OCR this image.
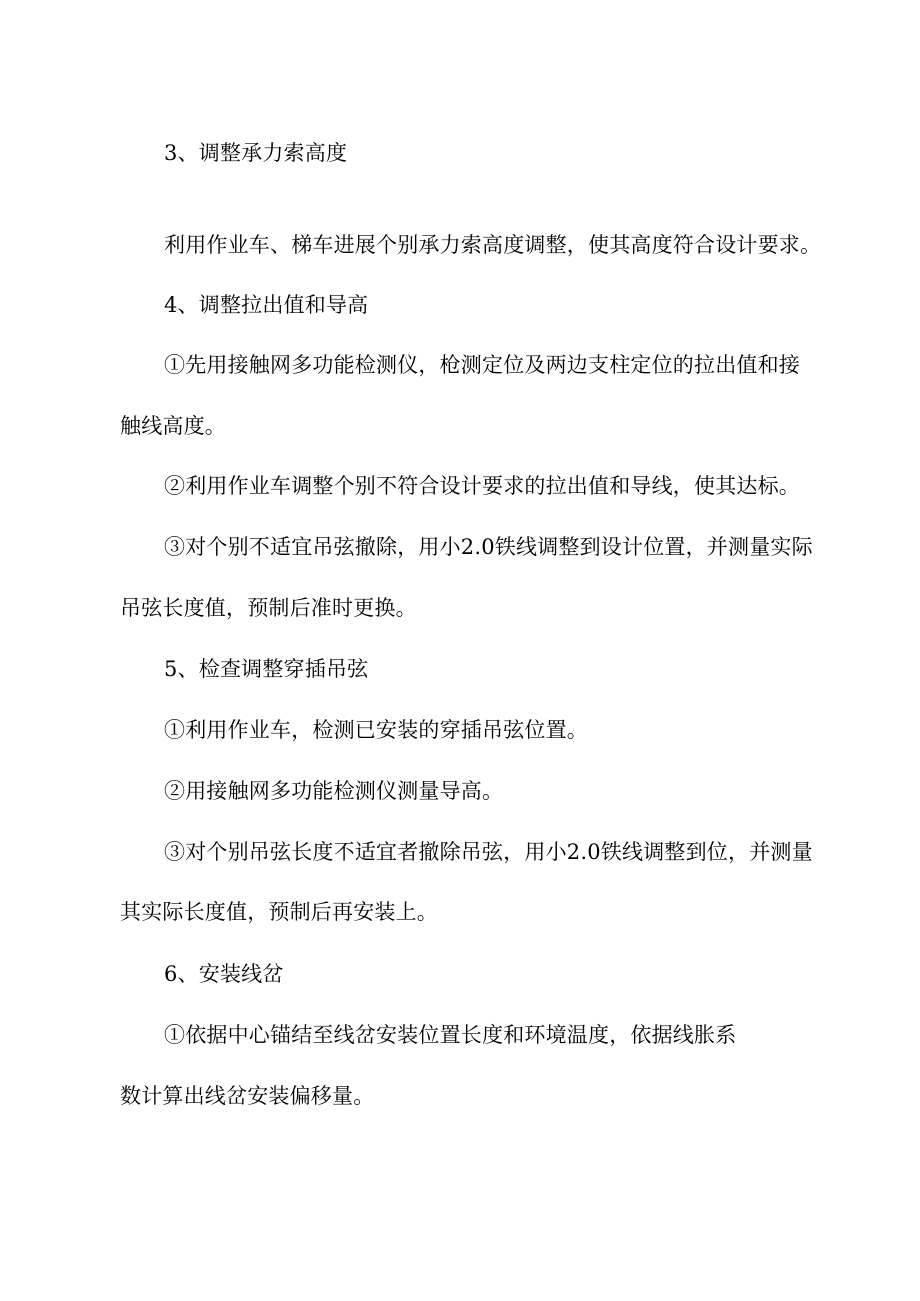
3、调整承力索高度
利用作业车、梯车进展个别承力索高度调整，使其高度符合设计要求。
4、调整拉出值和导高
①先用接触网多功能检测仪，枪测定位及两边支柱定位的拉出值和接
触线高度。
②利用作业车调整个别不符合设计要求的拉出值和导线，使其达标。
③对个别不适宜吊弦撤除，用小2.0铁线调整到设计位置，并测量实际
吊弦长度值，预制后准时更换。
5、检查调整穿插吊弦
①利用作业车，检测已安装的穿插吊弦位置。
②用接触网多功能检测仪测量导高。
③对个别吊弦长度不适宜者撤除吊弦，用小2.0铁线调整到位，并测量
其实际长度值，预制后再安装上。
6、安装线岔
①依据中心锚结至线岔安装位置长度和环境温度，依据线胀系
数计算出线岔安装偏移量。
